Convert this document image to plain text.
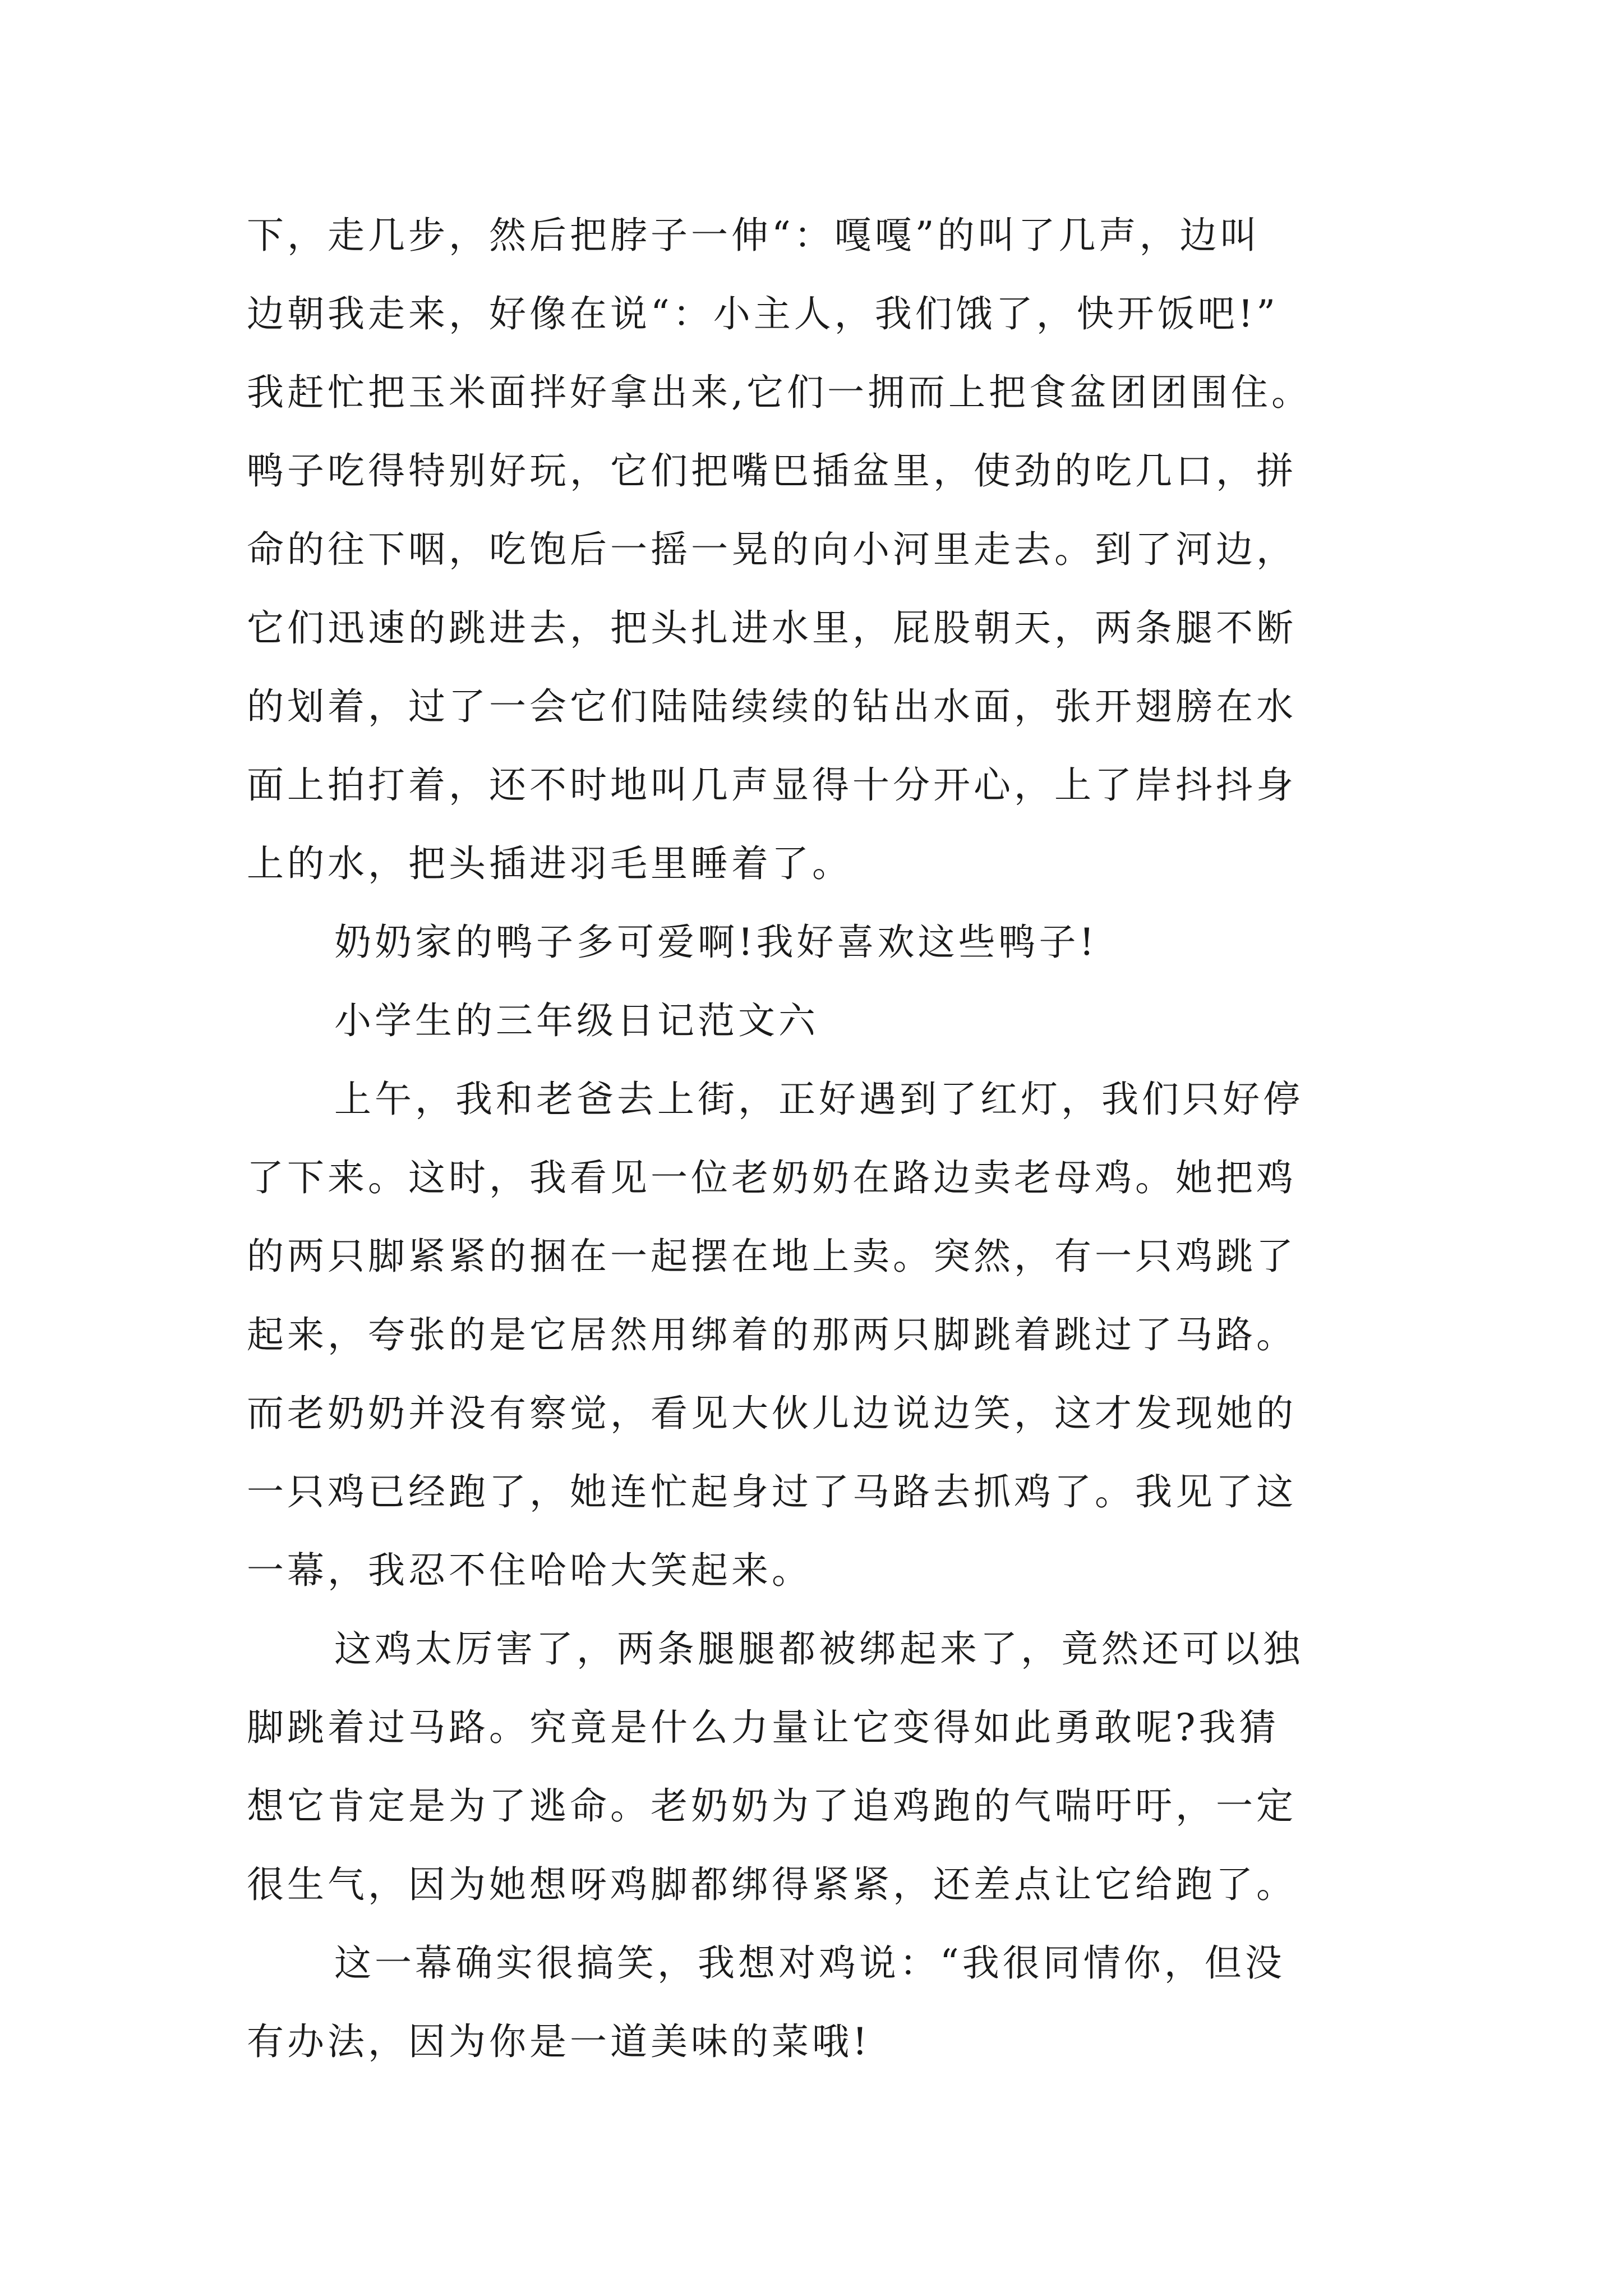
下，走几步，然后把脖子一伸“：嘎嘎”的叫了几声，边叫
边朝我走来，好像在说“：小主人，我们饿了，快开饭吧!”
我赶忙把玉米面拌好拿出来,它们一拥而上把食盆团团围住。
鸭子吃得特别好玩，它们把嘴巴插盆里，使劲的吃几口，拼
命的往下咽，吃饱后一摇一晃的向小河里走去。到了河边，
它们迅速的跳进去，把头扎进水里，屁股朝天，两条腿不断
的划着，过了一会它们陆陆续续的钻出水面，张开翅膀在水
面上拍打着，还不时地叫几声显得十分开心，上了岸抖抖身
上的水，把头插进羽毛里睡着了。
奶奶家的鸭子多可爱啊!我好喜欢这些鸭子!
小学生的三年级日记范文六
上午，我和老爸去上街，正好遇到了红灯，我们只好停
了下来。这时，我看见一位老奶奶在路边卖老母鸡。她把鸡
的两只脚紧紧的捆在一起摆在地上卖。突然，有一只鸡跳了
起来，夸张的是它居然用绑着的那两只脚跳着跳过了马路。
而老奶奶并没有察觉，看见大伙儿边说边笑，这才发现她的
一只鸡已经跑了，她连忙起身过了马路去抓鸡了。我见了这
一幕，我忍不住哈哈大笑起来。
这鸡太厉害了，两条腿腿都被绑起来了，竟然还可以独
脚跳着过马路。究竟是什么力量让它变得如此勇敢呢?我猜
想它肯定是为了逃命。老奶奶为了追鸡跑的气喘吁吁，一定
很生气，因为她想呀鸡脚都绑得紧紧，还差点让它给跑了。
这一幕确实很搞笑，我想对鸡说：“我很同情你，但没
有办法，因为你是一道美味的菜哦!
